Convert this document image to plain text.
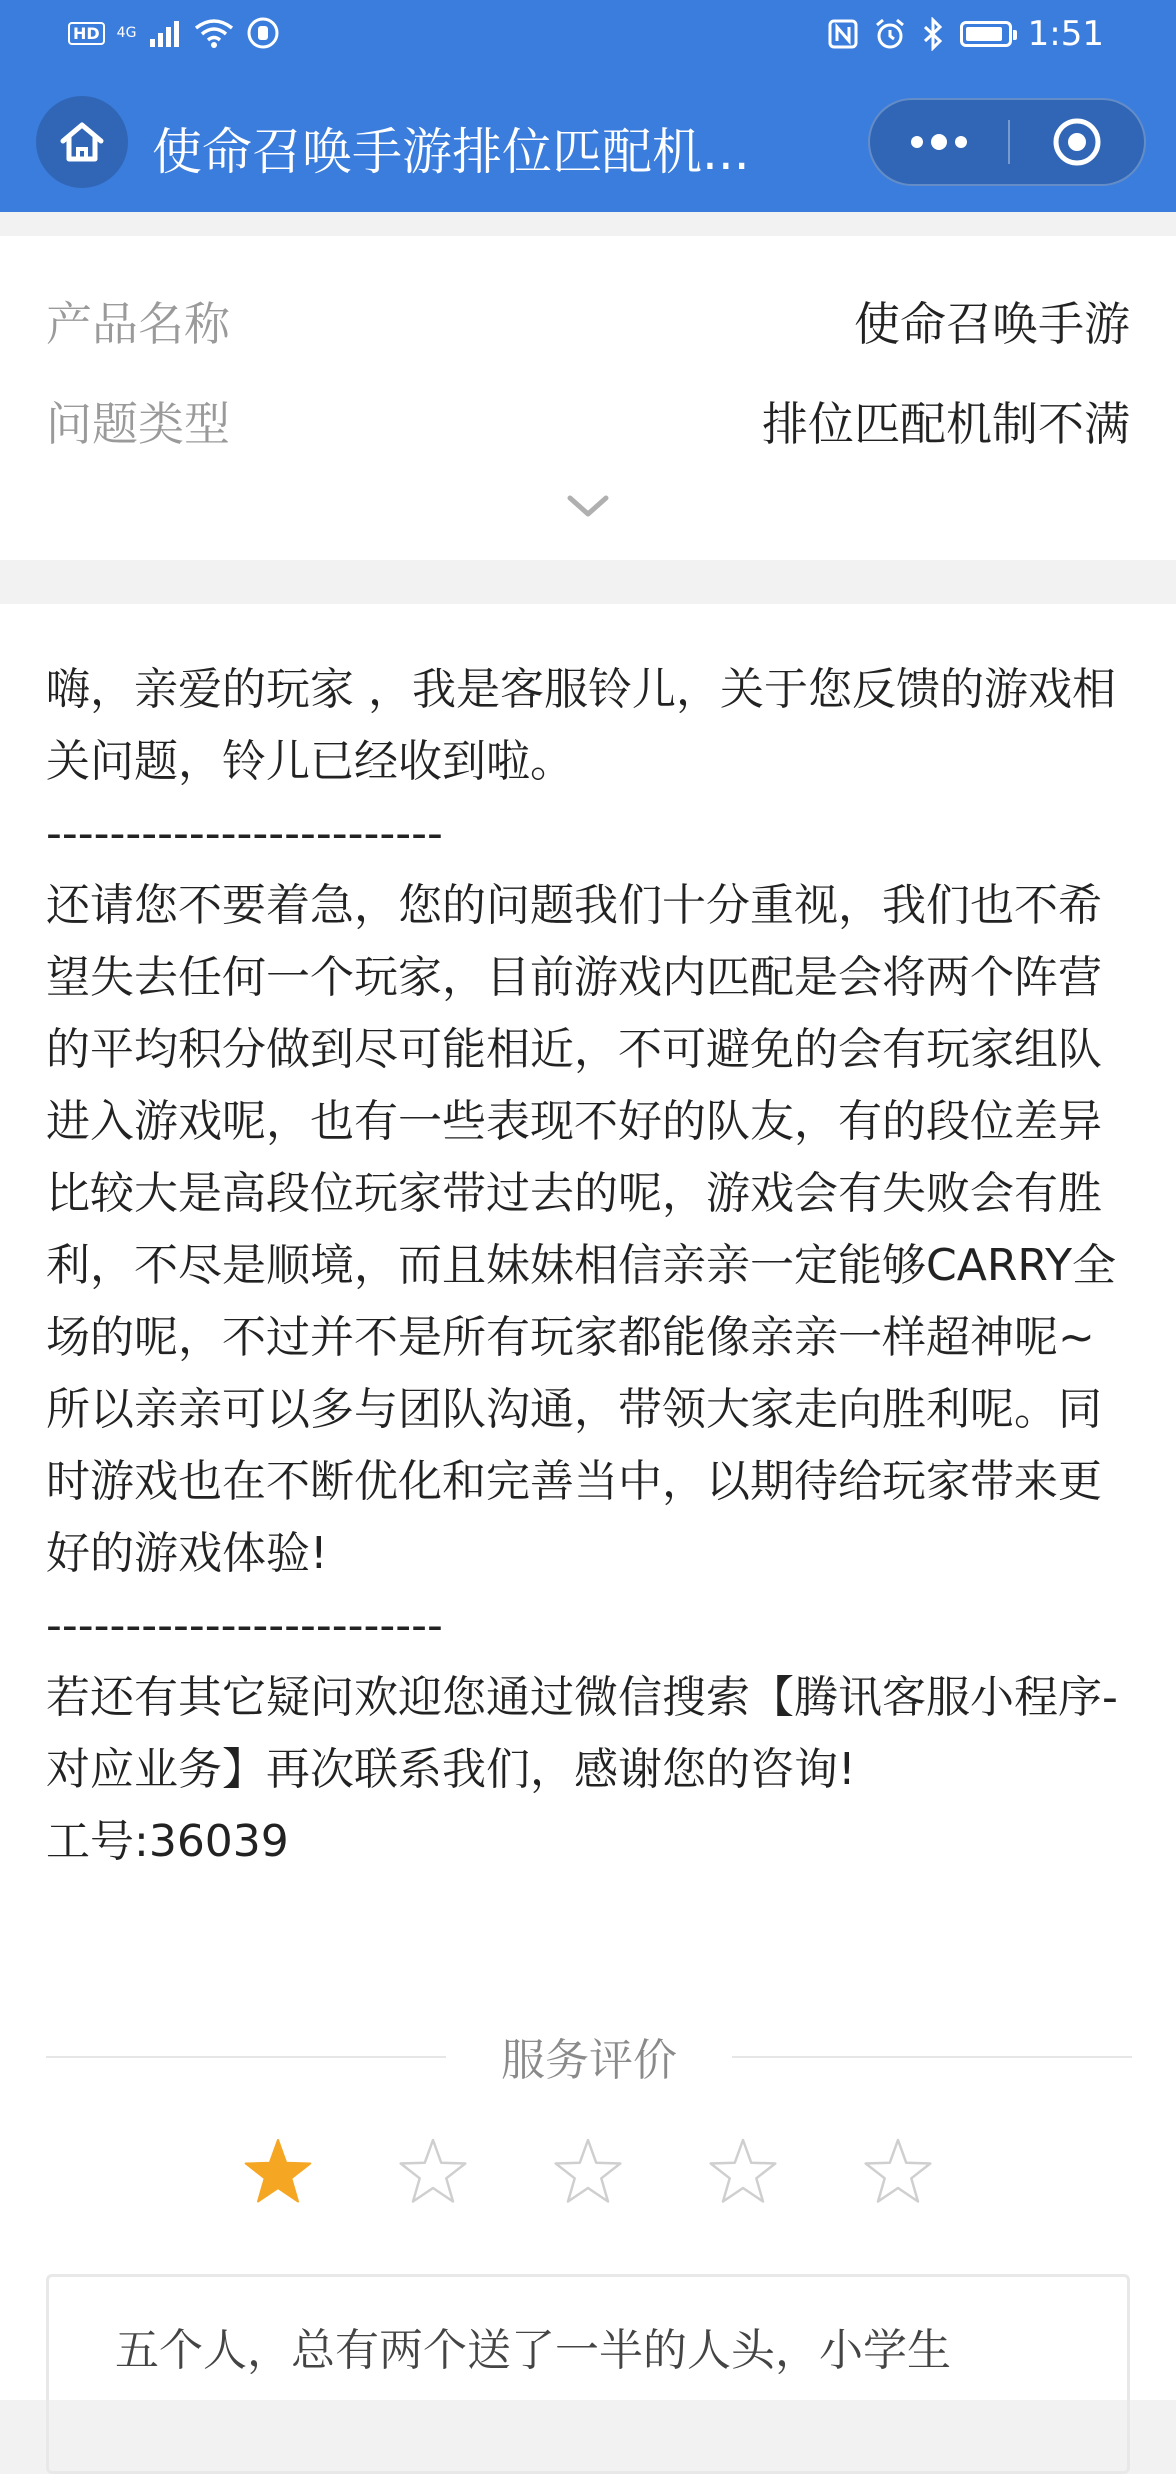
HD	4G	1:51
使命召唤手游排位匹配机...
产品名称	使命召唤手游
问题类型	排位匹配机制不满
嗨，亲爱的玩家 ，我是客服铃儿，关于您反馈的游戏相关问题，铃儿已经收到啦。
-------------------------
还请您不要着急，您的问题我们十分重视，我们也不希望失去任何一个玩家，目前游戏内匹配是会将两个阵营的平均积分做到尽可能相近，不可避免的会有玩家组队进入游戏呢，也有一些表现不好的队友，有的段位差异比较大是高段位玩家带过去的呢，游戏会有失败会有胜利，不尽是顺境，而且妹妹相信亲亲一定能够CARRY全场的呢，不过并不是所有玩家都能像亲亲一样超神呢~所以亲亲可以多与团队沟通，带领大家走向胜利呢。同时游戏也在不断优化和完善当中，以期待给玩家带来更好的游戏体验!
-------------------------
若还有其它疑问欢迎您通过微信搜索【腾讯客服小程序-对应业务】再次联系我们，感谢您的咨询!
工号:36039
服务评价
五个人，总有两个送了一半的人头，小学生
